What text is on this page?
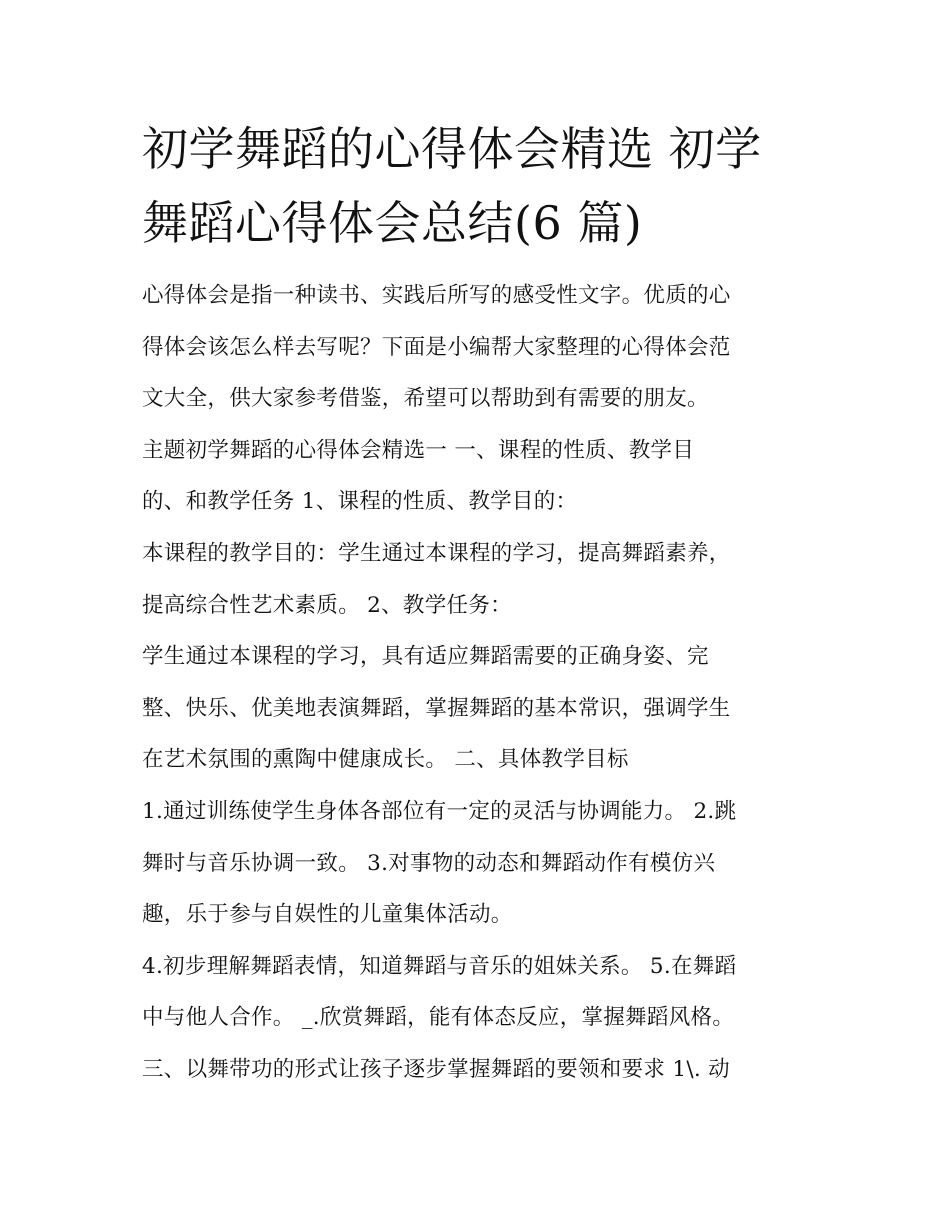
初学舞蹈的心得体会精选 初学
舞蹈心得体会总结(6 篇)
心得体会是指一种读书、实践后所写的感受性文字。优质的心
得体会该怎么样去写呢？下面是小编帮大家整理的心得体会范
文大全，供大家参考借鉴，希望可以帮助到有需要的朋友。
主题初学舞蹈的心得体会精选一 一、课程的性质、教学目
的、和教学任务 1、课程的性质、教学目的：
本课程的教学目的：学生通过本课程的学习，提高舞蹈素养，
提高综合性艺术素质。 2、教学任务：
学生通过本课程的学习，具有适应舞蹈需要的正确身姿、完
整、快乐、优美地表演舞蹈，掌握舞蹈的基本常识，强调学生
在艺术氛围的熏陶中健康成长。 二、具体教学目标
1.通过训练使学生身体各部位有一定的灵活与协调能力。 2.跳
舞时与音乐协调一致。 3.对事物的动态和舞蹈动作有模仿兴
趣，乐于参与自娱性的儿童集体活动。
4.初步理解舞蹈表情，知道舞蹈与音乐的姐妹关系。 5.在舞蹈
中与他人合作。 _.欣赏舞蹈，能有体态反应，掌握舞蹈风格。
三、以舞带功的形式让孩子逐步掌握舞蹈的要领和要求 1\. 动
